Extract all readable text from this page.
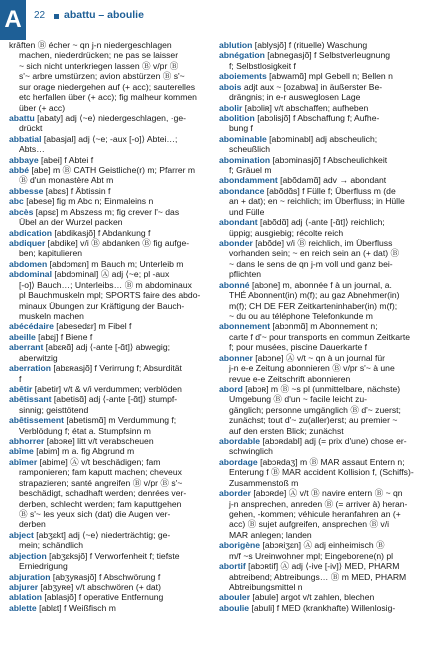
A	22 abattu – aboulie
krāften Ⓑ écher ~ qn j-n niedergeschlagen
machen, niederdrücken; ne pas se laisser
~ sich nicht unterkriegen lassen Ⓑ v/pr Ⓑ
s'~ arbre umstürzen; avion abstürzen Ⓑ s'~
sur orage niedergehen auf (+ acc); sauterelles
etc herfallen über (+ acc); fig malheur kommen
über (+ acc)
abattu [abaty] adj ⟨~e⟩ niedergeschlagen, ·ge-
drückt
abbatial [abasjal] adj ⟨~e; -aux [-o]⟩ Abtei…;
Abts…
abbaye [abei] f Abtei f
abbé [abe] m Ⓑ CATH Geistliche(r) m; Pfarrer m
Ⓑ d'un monastère Abt m
abbesse [abɛs] f Äbtissin f
abc [abese] fig m Abc n; Einmaleins n
abcès [apsɛ] m Abszess m; fig crever l'~ das
Übel an der Wurzel packen
abdication [abdikasjõ] f Abdankung f
abdiquer [abdike] v/i Ⓑ abdanken Ⓑ fig aufge-
ben; kapitulieren
abdomen [abdɔmɛn] m Bauch m; Unterleib m
abdominal [abdɔminal] Ⓐ adj ⟨~e; pl -aux
[-o]⟩ Bauch…; Unterleibs… Ⓑ m abdominaux
pl Bauchmuskeln mpl; SPORTS faire des abdo-
minaux Übungen zur Kräftigung der Bauch-
muskeln machen
abécédaire [abesedɛr] m Fibel f
abeille [abɛj] f Biene f
aberrant [abɛʀɑ̃] adj ⟨-ante [-ɑ̃t]⟩ abwegig;
aberwitzig
aberration [abɛʀasjõ] f Verirrung f; Absurdität
f
abêtir [abetir] v/t & v/i verdummen; verblöden
abêtissant [abetisɑ̃] adj ⟨-ante [-ɑ̃t]⟩ stumpf-
sinnig; geisttötend
abêtissement [abetismɑ̃] m Verdummung f;
Verblödung f; état a. Stumpfsinn m
abhorrer [abɔʀe] litt v/t verabscheuen
abîme [abim] m a. fig Abgrund m
abîmer [abime] Ⓐ v/t beschädigen; fam
ramponieren; fam kaputt machen; cheveux
strapazieren; santé angreifen Ⓑ v/pr Ⓑ s'~
beschädigt, schadhaft werden; denrées ver-
derben, schlecht werden; fam kaputtgehen
Ⓑ s'~ les yeux sich (dat) die Augen ver-
derben
abject [abʒɛkt] adj ⟨~e⟩ niederträchtig; ge-
mein; schändlich
abjection [abʒɛksjõ] f Verworfenheit f; tiefste
Erniedrigung
abjuration [abʒyʀasjõ] f Abschwörung f
abjurer [abʒyʀe] v/t abschwören (+ dat)
ablation [ablasjõ] f operative Entfernung
ablette [ablɛt] f Weißfisch m
ablution [ablysjõ] f (rituelle) Waschung
abnégation [abnegasjõ] f Selbstverleugnung
f; Selbstlosigkeit f
aboiements [abwamɑ̃] mpl Gebell n; Bellen n
abois adjt aux ~ [ozabwa] in äußerster Be-
drängnis; in e-r ausweglosen Lage
abolir [abɔliʀ] v/t abschaffen; aufheben
abolition [abɔlisjõ] f Abschaffung f; Aufhe-
bung f
abominable [abɔminabl] adj abscheulich;
scheußlich
abomination [abɔminasjõ] f Abscheulichkeit
f; Gräuel m
abondamment [abõdamɑ̃] adv → abondant
abondance [abõdɑ̃s] f Fülle f; Überfluss m (de
an + dat); en ~ reichlich; im Überfluss; in Hülle
und Fülle
abondant [abõdɑ̃] adj ⟨-ante [-ɑ̃t]⟩ reichlich;
üppig; ausgiebig; récolte reich
abonder [abõde] v/i Ⓑ reichlich, im Überfluss
vorhanden sein; ~ en reich sein an (+ dat) Ⓑ
~ dans le sens de qn j-m voll und ganz bei-
pflichten
abonné [abɔne] m, abonnée f à un journal, a.
THÉ Abonnent(in) m(f); au gaz Abnehmer(in)
m(f); CH DE FER Zeitkarteninhaber(in) m(f);
~ du ou au téléphone Telefonkunde m
abonnement [abɔnmɑ̃] m Abonnement n;
carte f d'~ pour transports en commun Zeitkarte
f; pour musées, piscine Dauerkarte f
abonner [abɔne] Ⓐ v/t ~ qn à un journal für
j-n e-e Zeitung abonnieren Ⓑ v/pr s'~ à une
revue e-e Zeitschrift abonnieren
abord [abɔʀ] m Ⓑ ~s pl (unmittelbare, nächste)
Umgebung Ⓑ d'un ~ facile leicht zu-
gänglich; personne umgänglich Ⓑ d'~ zuerst;
zunächst; tout d'~ zu(aller)erst; au premier ~
auf den ersten Blick; zunächst
abordable [abɔʀdabl] adj (= prix d'une) chose er-
schwinglich
abordage [abɔʀdaʒ] m Ⓑ MAR assaut Entern n;
Enterung f Ⓑ MAR accident Kollision f, (Schiffs)-
Zusammenstoß m
aborder [abɔʀde] Ⓐ v/t Ⓑ navire entern Ⓑ ~ qn
j-n ansprechen, anreden Ⓑ (= arriver à) heran-
gehen, -kommen; véhicule heranfahren an (+
acc) Ⓑ sujet aufgreifen, ansprechen Ⓑ v/i
MAR anlegen; landen
aborigène [abɔʀiʒɛn] Ⓐ adj einheimisch Ⓑ
m/f ~s Ureinwohner mpl; Eingeborene(n) pl
abortif [abɔʀtif] Ⓐ adj ⟨-ive [-iv]⟩ MED, PHARM
abtreibend; Abtreibungs… Ⓑ m MED, PHARM
Abtreibungsmittel n
abouler [abule] argot v/t zahlen, blechen
aboulie [abuli] f MED (krankhafte) Willenlosig-
